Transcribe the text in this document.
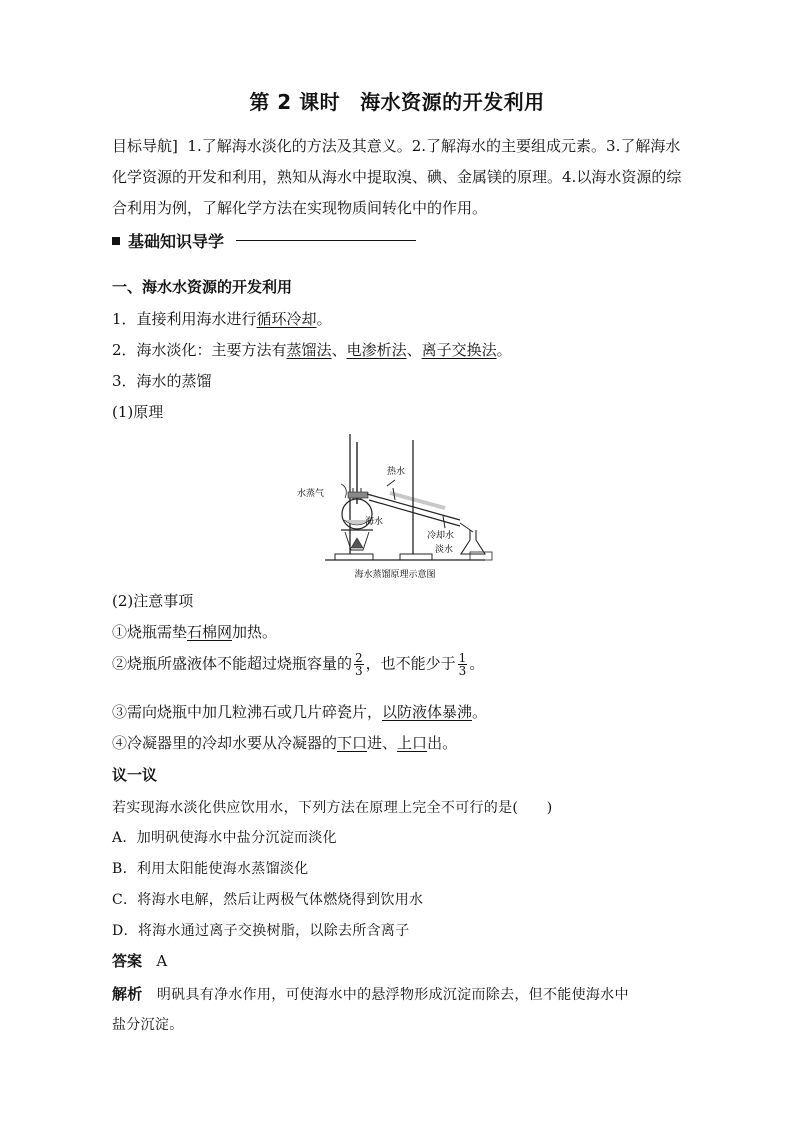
第 2 课时 海水资源的开发利用
目标导航] 1.了解海水淡化的方法及其意义。2.了解海水的主要组成元素。3.了解海水化学资源的开发和利用，熟知从海水中提取溴、碘、金属镁的原理。4.以海水资源的综合利用为例，了解化学方法在实现物质间转化中的作用。
基础知识导学
一、海水水资源的开发利用
1．直接利用海水进行循环冷却。
2．海水淡化：主要方法有蒸馏法、电渗析法、离子交换法。
3．海水的蒸馏
(1)原理
水蒸气
海水
热水
冷却水
淡水
海水蒸馏原理示意图
(2)注意事项
①烧瓶需垫石棉网加热。
②烧瓶所盛液体不能超过烧瓶容量的 $\frac{2}{3}$ ，也不能少于 $\frac{1}{3}$ 。
③需向烧瓶中加几粒沸石或几片碎瓷片，以防液体暴沸。
④冷凝器里的冷却水要从冷凝器的下口进、上口出。
议一议
若实现海水淡化供应饮用水，下列方法在原理上完全不可行的是(　　)
A．加明矾使海水中盐分沉淀而淡化
B．利用太阳能使海水蒸馏淡化
C．将海水电解，然后让两极气体燃烧得到饮用水
D．将海水通过离子交换树脂，以除去所含离子
答案 A
解析 明矾具有净水作用，可使海水中的悬浮物形成沉淀而除去，但不能使海水中
盐分沉淀。
